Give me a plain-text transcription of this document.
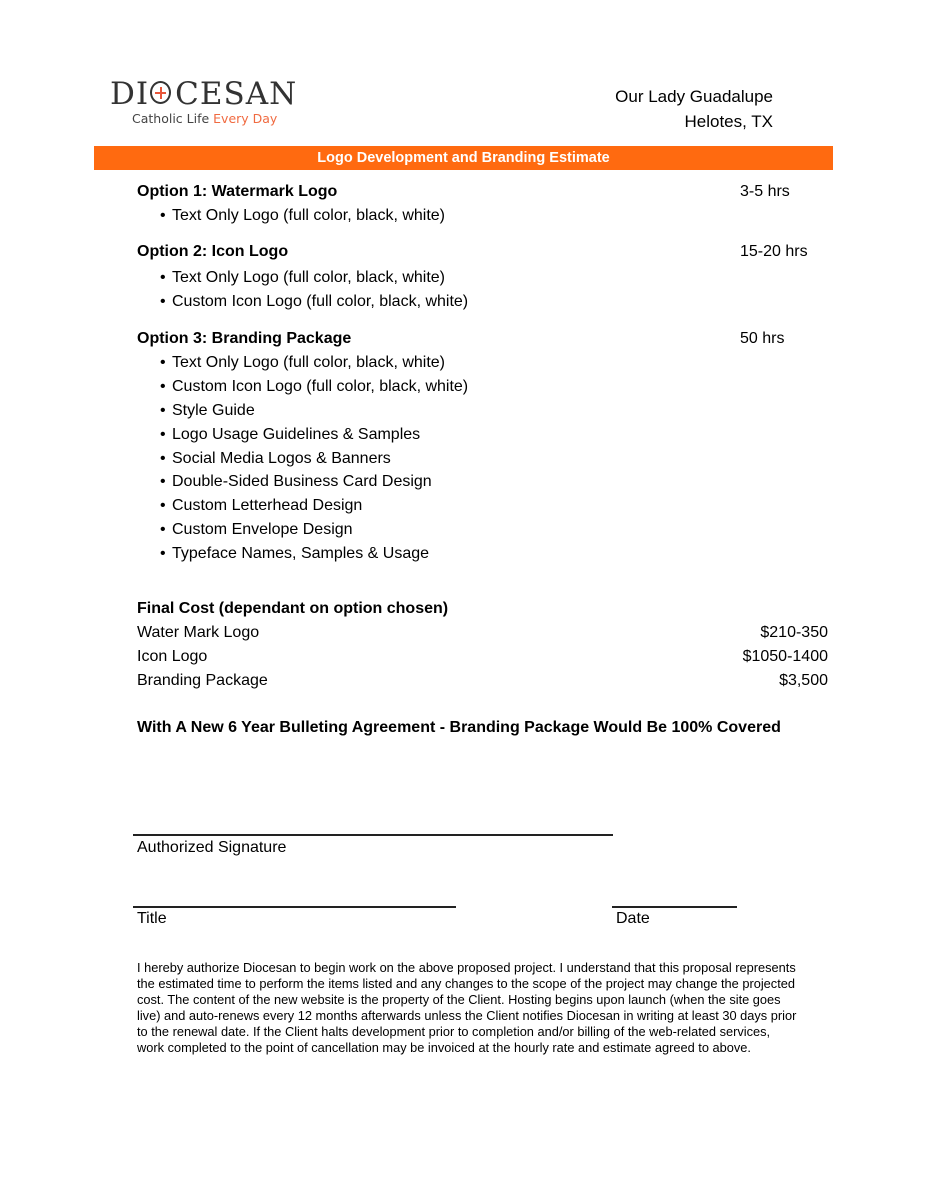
DI CESAN
Catholic Life Every Day
Our Lady Guadalupe
Helotes, TX
Logo Development and Branding Estimate
Option 1: Watermark Logo	3-5 hrs
• Text Only Logo (full color, black, white)
Option 2: Icon Logo	15-20 hrs
• Text Only Logo (full color, black, white)
• Custom Icon Logo (full color, black, white)
Option 3: Branding Package	50 hrs
• Text Only Logo (full color, black, white)
• Custom Icon Logo (full color, black, white)
• Style Guide
• Logo Usage Guidelines & Samples
• Social Media Logos & Banners
• Double-Sided Business Card Design
• Custom Letterhead Design
• Custom Envelope Design
• Typeface Names, Samples & Usage
Final Cost (dependant on option chosen)
Water Mark Logo	$210-350
Icon Logo	$1050-1400
Branding Package	$3,500
With A New 6 Year Bulleting Agreement - Branding Package Would Be 100% Covered
Authorized Signature
Title	Date
I hereby authorize Diocesan to begin work on the above proposed project. I understand that this proposal represents the estimated time to perform the items listed and any changes to the scope of the project may change the projected cost. The content of the new website is the property of the Client. Hosting begins upon launch (when the site goes live) and auto-renews every 12 months afterwards unless the Client notifies Diocesan in writing at least 30 days prior to the renewal date. If the Client halts development prior to completion and/or billing of the web-related services, work completed to the point of cancellation may be invoiced at the hourly rate and estimate agreed to above.
